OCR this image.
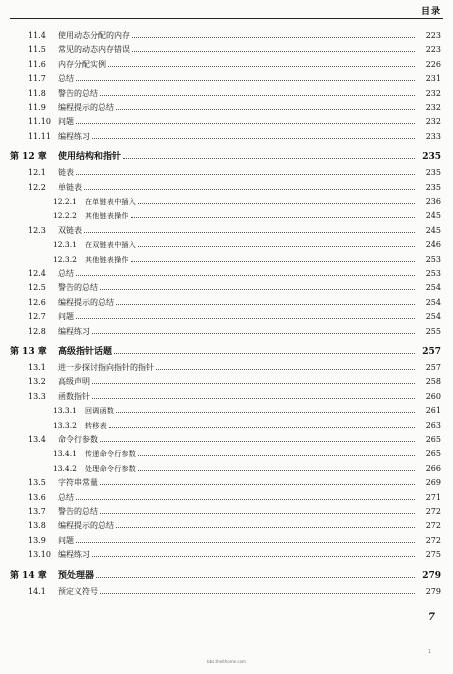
目录
11.4	使用动态分配的内存	223
11.5	常见的动态内存错误	223
11.6	内存分配实例	226
11.7	总结	231
11.8	警告的总结	232
11.9	编程提示的总结	232
11.10 问题	232
11.11 编程练习	233
第 12 章	使用结构和指针	235
12.1	链表	235
12.2	单链表	235
12.2.1	在单链表中插入	236
12.2.2	其他链表操作	245
12.3	双链表	245
12.3.1	在双链表中插入	246
12.3.2	其他链表操作	253
12.4	总结	253
12.5	警告的总结	254
12.6	编程提示的总结	254
12.7	问题	254
12.8	编程练习	255
第 13 章	高级指针话题	257
13.1	进一步探讨指向指针的指针	257
13.2	高级声明	258
13.3	函数指针	260
13.3.1	回调函数	261
13.3.2	转移表	263
13.4	命令行参数	265
13.4.1	传递命令行参数	265
13.4.2	处理命令行参数	266
13.5	字符串常量	269
13.6	总结	271
13.7	警告的总结	272
13.8	编程提示的总结	272
13.9	问题	272
13.10 编程练习	275
第 14 章	预处理器	279
14.1	预定义符号	279
7
1
bbs.theithome.com
